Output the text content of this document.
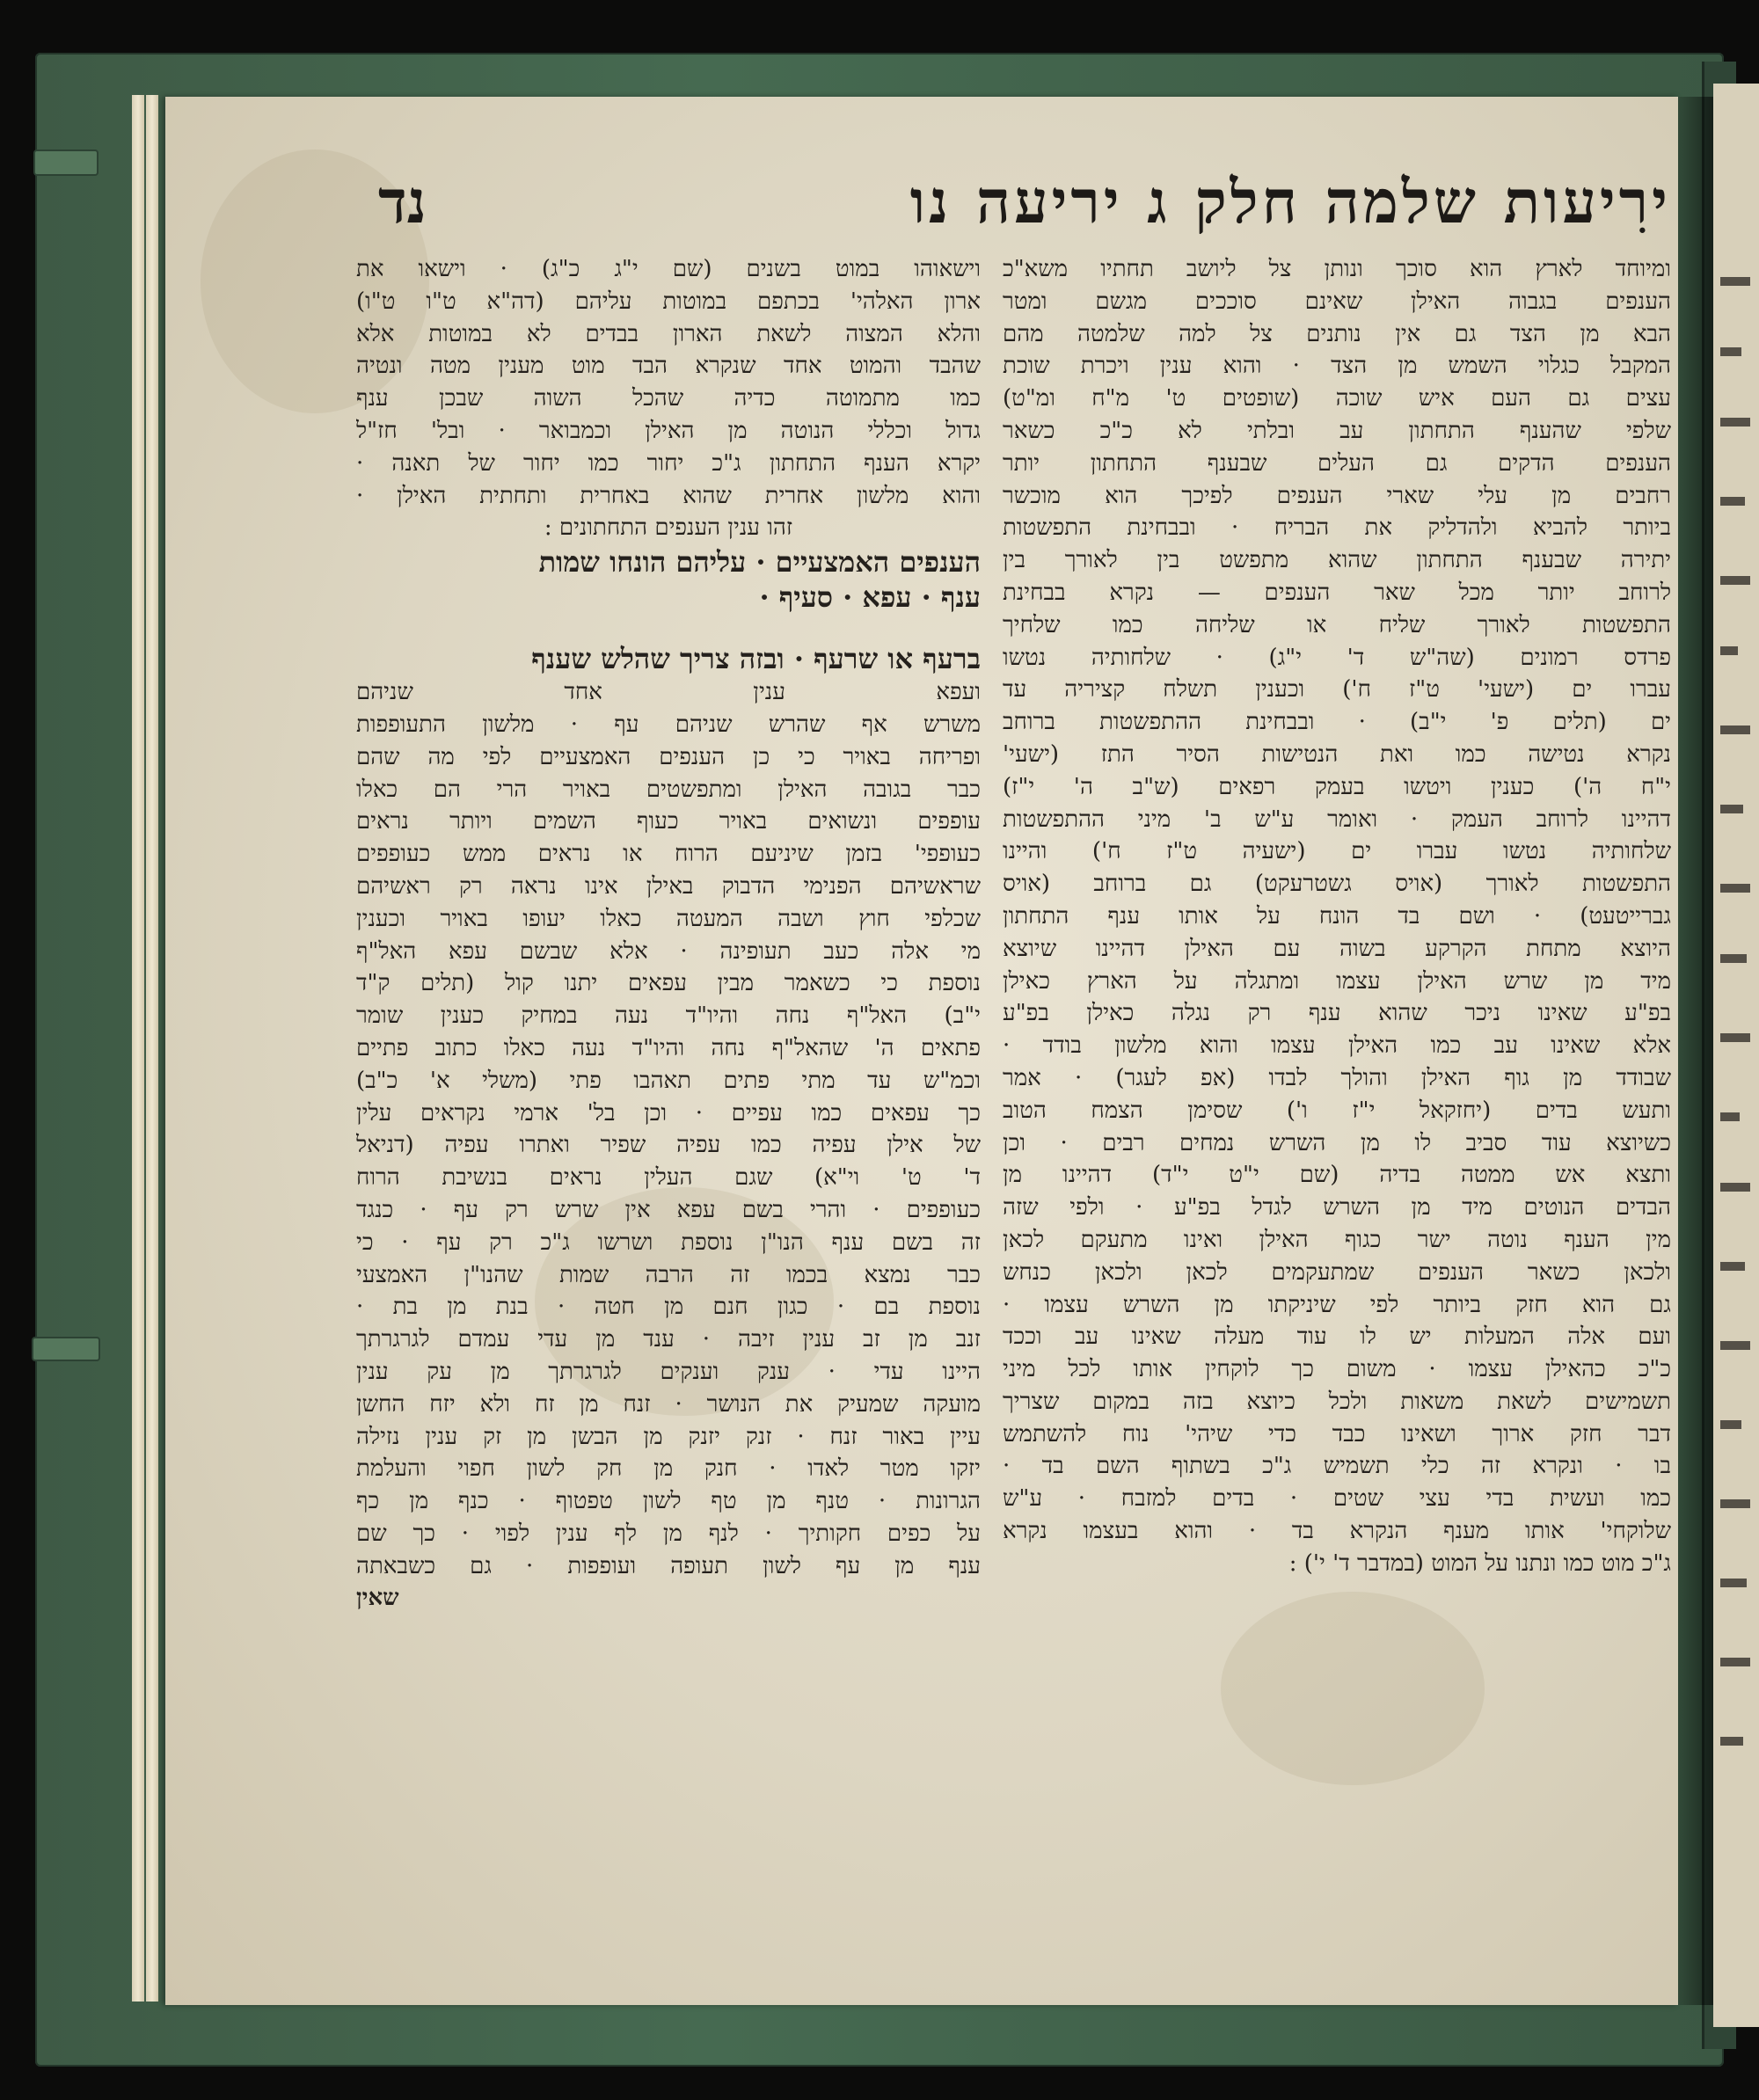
נד	ירִיעות שלמה חלק ג יריעה נו
ומיוחד לארץ הוא סוכך ונותן צל ליושב תחתיו משא"כ
הענפים בגבוה האילן שאינם סוככים מגשם ומטר
הבא מן הצד גם אין נותנים צל למה שלמטה מהם
המקבל כגלוי השמש מן הצד · והוא ענין ויכרת שוכת
עצים גם העם איש שוכה (שופטים ט' מ"ח ומ"ט)
שלפי שהענף התחתון עב ובלתי לא כ"כ כשאר
הענפים הדקים גם העלים שבענף התחתון יותר
רחבים מן עלי שארי הענפים לפיכך הוא מוכשר
ביותר להביא ולהדליק את הבריח · ובבחינת התפשטות
יתירה שבענף התחתון שהוא מתפשט בין לאורך בין
לרוחב יותר מכל שאר הענפים — נקרא בבחינת
התפשטות לאורך שליח או שליחה כמו שלחיך
פרדס רמונים (שה"ש ד' י"ג) · שלחותיה נטשו
עברו ים (ישעי' ט"ז ח') וכענין תשלח קציריה עד
ים (תלים פ' י"ב) · ובבחינת ההתפשטות ברוחב
נקרא נטישה כמו ואת הנטישות הסיר התז (ישעי'
י"ח ה') כענין ויטשו בעמק רפאים (ש"ב ה' י"ז)
דהיינו לרוחב העמק · ואומר ע"ש ב' מיני ההתפשטות
שלחותיה נטשו עברו ים (ישעיה ט"ז ח') והיינו
התפשטות לאורך (אויס גשטרעקט) גם ברוחב (אויס
גברייטעט) · ושם בד הונח על אותו ענף התחתון
היוצא מתחת הקרקע בשוה עם האילן דהיינו שיוצא
מיד מן שרש האילן עצמו ומתגלה על הארץ כאילן
בפ"ע שאינו ניכר שהוא ענף רק נגלה כאילן בפ"ע
אלא שאינו עב כמו האילן עצמו והוא מלשון בודד ·
שבודד מן גוף האילן והולך לבדו (אפ לעגר) · אמר
ותעש בדים (יחזקאל י"ז ו') שסימן הצמח הטוב
כשיוצא עוד סביב לו מן השרש נמחים רבים · וכן
ותצא אש ממטה בדיה (שם י"ט י"ד) דהיינו מן
הבדים הנוטים מיד מן השרש לגדל בפ"ע · ולפי שזה
מין הענף נוטה ישר כגוף האילן ואינו מתעקם לכאן
ולכאן כשאר הענפים שמתעקמים לכאן ולכאן כנחש
גם הוא חזק ביותר לפי שיניקתו מן השרש עצמו ·
ועם אלה המעלות יש לו עוד מעלה שאינו עב וככד
כ"כ כהאילן עצמו · משום כך לוקחין אותו לכל מיני
תשמישים לשאת משאות ולכל כיוצא בזה במקום שצריך
דבר חזק ארוך ושאינו כבד כדי שיהי' נוח להשתמש
בו · ונקרא זה כלי תשמיש ג"כ בשתוף השם בד ·
כמו ועשית בדי עצי שטים · בדים למזבח · ע"ש
שלוקחי' אותו מענף הנקרא בד · והוא בעצמו נקרא
ג"כ מוט כמו ונתנו על המוט (במדבר ד' י') :
וישאוהו במוט בשנים (שם י"ג כ"ג) · וישאו את
ארון האלהי' בכתפם במוטות עליהם (דה"א ט"ו ט"ו)
והלא המצוה לשאת הארון בבדים לא במוטות אלא
שהבד והמוט אחד שנקרא הבד מוט מענין מטה ונטיה
כמו מתמוטה כדיה שהכל השוה שבכן ענף
גדול וכללי הנוטה מן האילן וכמבואר · ובל' חז"ל
יקרא הענף התחתון ג"כ יחור כמו יחור של תאנה ·
והוא מלשון אחרית שהוא באחרית ותחתית האילן ·
זהו ענין הענפים התחתונים :
הענפים האמצעיים · עליהם הונחו שמות
ענף · עפא · סעיף ·
ברעף או שרעף · ובזה צריך שהלש שענף
ועפא ענין אחד שניהם
משרש אף שהרש שניהם עף · מלשון התעופפות
ופריחה באויר כי כן הענפים האמצעיים לפי מה שהם
כבר בגובה האילן ומתפשטים באויר הרי הם כאלו
עופפים ונשואים באויר כעוף השמים ויותר נראים
כעופפי' בזמן שיניעם הרוח או נראים ממש כעופפים
שראשיהם הפנימי הדבוק באילן אינו נראה רק ראשיהם
שכלפי חוץ ושבה המעטה כאלו יעופו באויר וכענין
מי אלה כעב תעופינה · אלא שבשם עפא האל"ף
נוספת כי כשאמר מבין עפאים יתנו קול (תלים ק"ד
י"ב) האל"ף נחה והיו"ד נעה במחיק כענין שומר
פתאים ה' שהאל"ף נחה והיו"ד נעה כאלו כתוב פתיים
וכמ"ש עד מתי פתים תאהבו פתי (משלי א' כ"ב)
כך עפאים כמו עפיים · וכן בל' ארמי נקראים עלין
של אילן עפיה כמו עפיה שפיר ואתרו עפיה (דניאל
ד' ט' וי"א) שגם העלין נראים בנשיבת הרוח
כעופפים · והרי בשם עפא אין שרש רק עף · כנגד
זה בשם ענף הנו"ן נוספת ושרשו ג"כ רק עף · כי
כבר נמצא בכמו זה הרבה שמות שהנו"ן האמצעי
נוספת בם · כגון חנם מן חטה · בנת מן בת ·
זנב מן זב ענין זיבה · ענד מן עדי עמדם לגרגרתך
היינו עדי · ענק וענקים לגרגרתך מן עק ענין
מועקה שמעיק את הנושר · זנח מן זח ולא יזח החשן
עיין באור זנח · זנק יזנק מן הבשן מן זק ענין נזילה
יזקו מטר לאדו · חנק מן חק לשון חפוי והעלמת
הגרונות · טנף מן טף לשון טפטוף · כנף מן כף
על כפים חקותיך · לנף מן לף ענין לפוי · כך שם
ענף מן עף לשון תעופה ועופפות · גם כשבאתה
שאין
